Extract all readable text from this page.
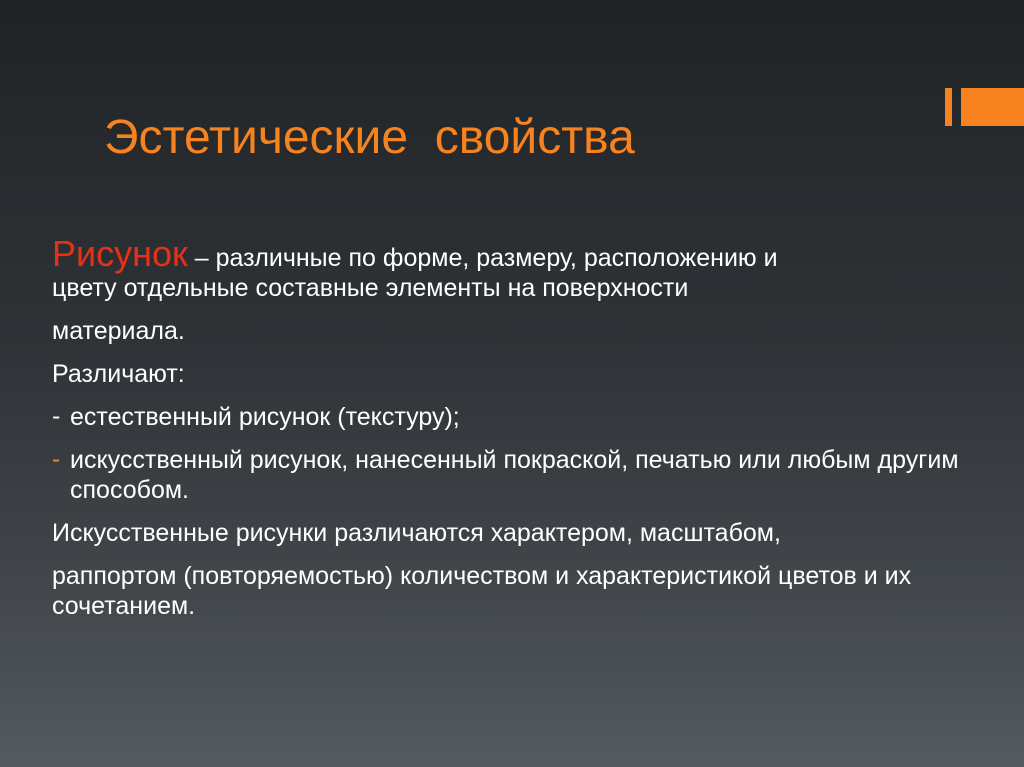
Эстетические  свойства

Рисунок – различные по форме, размеру, расположению и
цвету отдельные составные элементы на поверхности

материала.

Различают:

- естественный рисунок (текстуру);
- искусственный рисунок, нанесенный покраской, печатью или любым другим способом.

Искусственные рисунки различаются характером, масштабом,

раппортом (повторяемостью) количеством и характеристикой цветов и их сочетанием.
